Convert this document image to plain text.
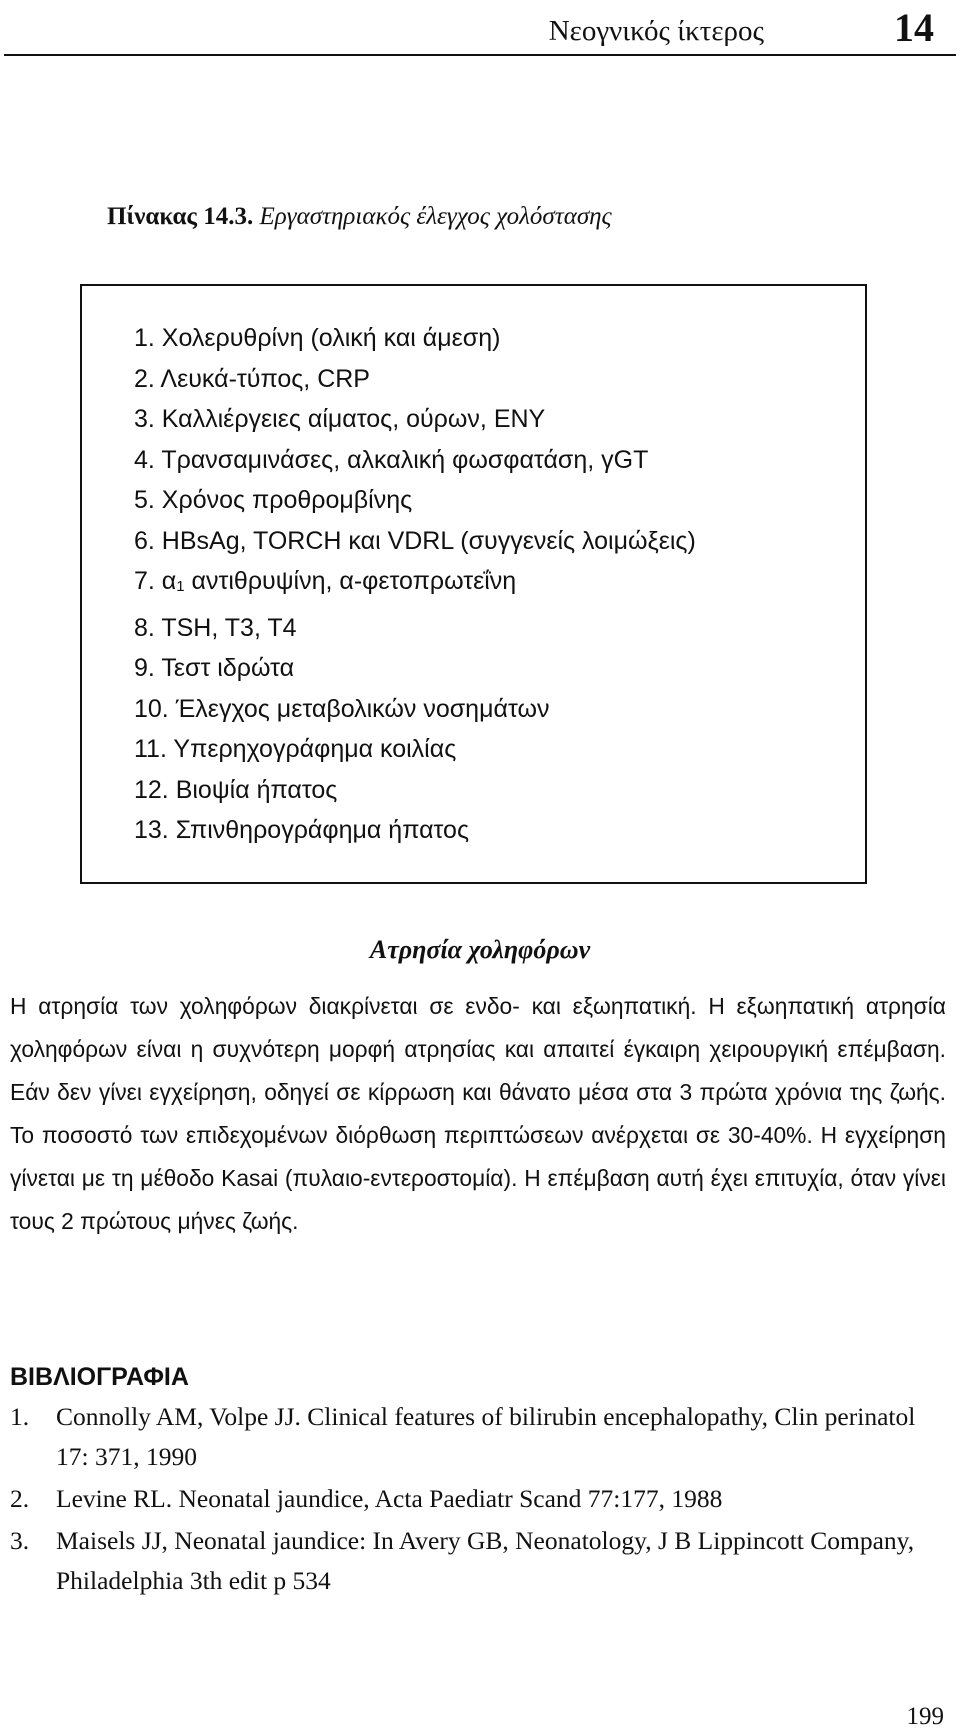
Νεογνικός ίκτερος	14
Πίνακας 14.3. Εργαστηριακός έλεγχος χολόστασης
1. Χολερυθρίνη (ολική και άμεση)
2. Λευκά-τύπος, CRP
3. Καλλιέργειες αίματος, ούρων, ΕΝΥ
4. Τρανσαμινάσες, αλκαλική φωσφατάση, γGT
5. Χρόνος προθρομβίνης
6. HBsAg, TORCH και VDRL (συγγενείς λοιμώξεις)
7. $\alpha_1$ αντιθρυψίνη, α-φετοπρωτεΐνη
8. TSH, T3, T4
9. Τεστ ιδρώτα
10. Έλεγχος μεταβολικών νοσημάτων
11. Υπερηχογράφημα κοιλίας
12. Βιοψία ήπατος
13. Σπινθηρογράφημα ήπατος
Ατρησία χοληφόρων

Η ατρησία των χοληφόρων διακρίνεται σε ενδο- και εξωηπατική. Η εξωηπατική ατρησία χοληφόρων είναι η συχνότερη μορφή ατρησίας και απαιτεί έγκαιρη χειρουργική επέμβαση. Εάν δεν γίνει εγχείρηση, οδηγεί σε κίρρωση και θάνατο μέσα στα 3 πρώτα χρόνια της ζωής. Το ποσοστό των επιδεχομένων διόρθωση περιπτώσεων ανέρχεται σε 30-40%. Η εγχείρηση γίνεται με τη μέθοδο Kasai (πυλαιο-εντεροστομία). Η επέμβαση αυτή έχει επιτυχία, όταν γίνει τους 2 πρώτους μήνες ζωής.

ΒΙΒΛΙΟΓΡΑΦΙΑ
1. Connolly AM, Volpe JJ. Clinical features of bilirubin encephalopathy, Clin perinatol 17: 371, 1990
2. Levine RL. Neonatal jaundice, Acta Paediatr Scand 77:177, 1988
3. Maisels JJ, Neonatal jaundice: In Avery GB, Neonatology, J B Lippincott Company, Philadelphia 3th edit p 534
199
